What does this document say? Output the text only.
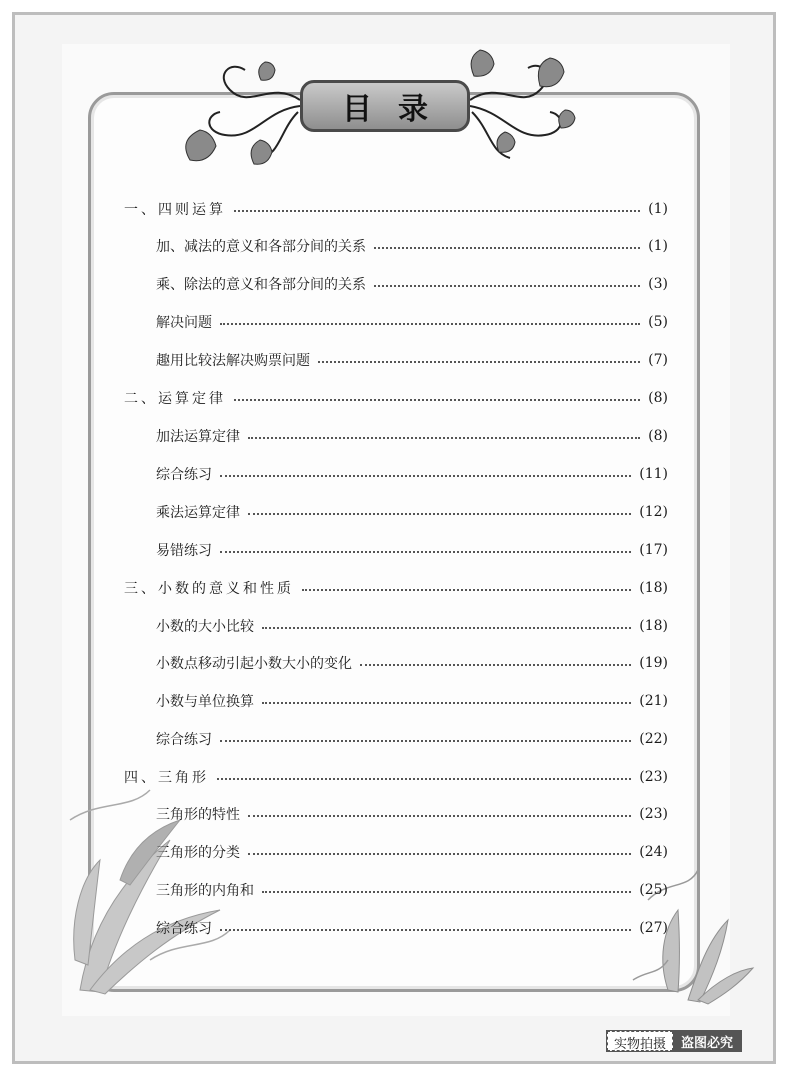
目录
一、四则运算	(1)
加、减法的意义和各部分间的关系	(1)
乘、除法的意义和各部分间的关系	(3)
解决问题	(5)
趣用比较法解决购票问题	(7)
二、运算定律	(8)
加法运算定律	(8)
综合练习	(11)
乘法运算定律	(12)
易错练习	(17)
三、小数的意义和性质	(18)
小数的大小比较	(18)
小数点移动引起小数大小的变化	(19)
小数与单位换算	(21)
综合练习	(22)
四、三角形	(23)
三角形的特性	(23)
三角形的分类	(24)
三角形的内角和	(25)
综合练习	(27)
实物拍摄	盗图必究
